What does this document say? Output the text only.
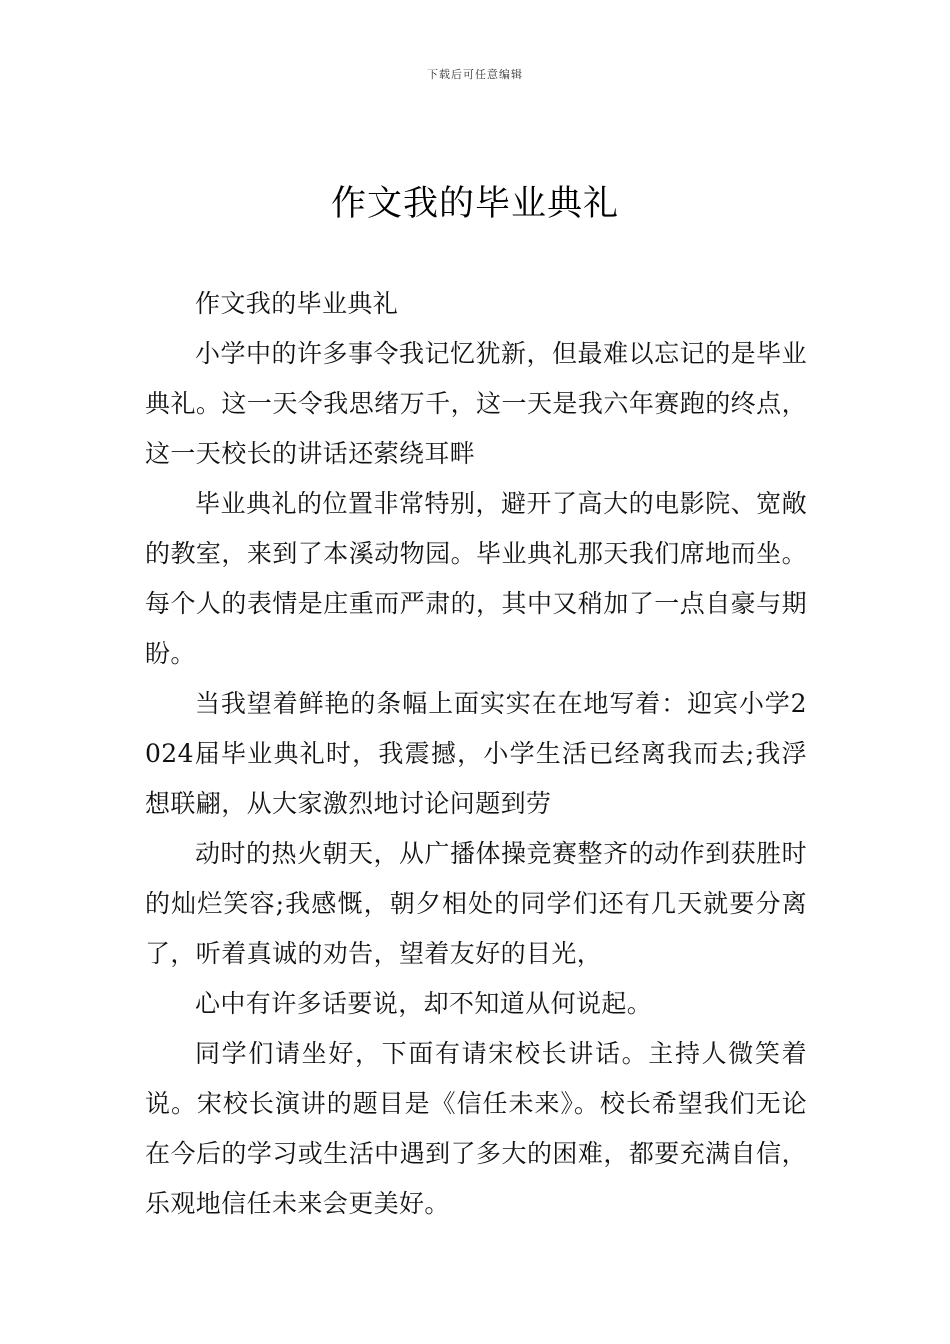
下载后可任意编辑
作文我的毕业典礼

作文我的毕业典礼

小学中的许多事令我记忆犹新，但最难以忘记的是毕业典礼。这一天令我思绪万千，这一天是我六年赛跑的终点，这一天校长的讲话还萦绕耳畔

毕业典礼的位置非常特别，避开了高大的电影院、宽敞的教室，来到了本溪动物园。毕业典礼那天我们席地而坐。每个人的表情是庄重而严肃的，其中又稍加了一点自豪与期盼。

当我望着鲜艳的条幅上面实实在在地写着：迎宾小学2024届毕业典礼时，我震撼，小学生活已经离我而去;我浮想联翩，从大家激烈地讨论问题到劳

动时的热火朝天，从广播体操竞赛整齐的动作到获胜时的灿烂笑容;我感慨，朝夕相处的同学们还有几天就要分离了，听着真诚的劝告，望着友好的目光，

心中有许多话要说，却不知道从何说起。

同学们请坐好，下面有请宋校长讲话。主持人微笑着说。宋校长演讲的题目是《信任未来》。校长希望我们无论在今后的学习或生活中遇到了多大的困难，都要充满自信，乐观地信任未来会更美好。
